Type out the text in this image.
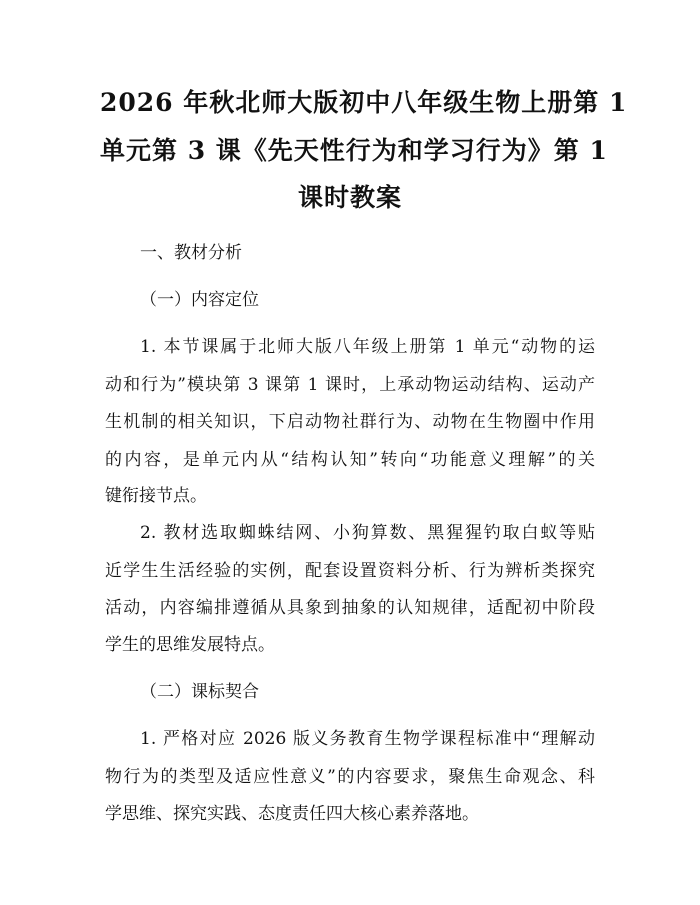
2026 年秋北师大版初中八年级生物上册第 1
单元第 3 课《先天性行为和学习行为》第 1
课时教案
一、教材分析
（一）内容定位
1. 本节课属于北师大版八年级上册第 1 单元“动物的运
动和行为”模块第 3 课第 1 课时，上承动物运动结构、运动产
生机制的相关知识，下启动物社群行为、动物在生物圈中作用
的内容，是单元内从“结构认知”转向“功能意义理解”的关
键衔接节点。
2. 教材选取蜘蛛结网、小狗算数、黑猩猩钓取白蚁等贴
近学生生活经验的实例，配套设置资料分析、行为辨析类探究
活动，内容编排遵循从具象到抽象的认知规律，适配初中阶段
学生的思维发展特点。
（二）课标契合
1. 严格对应 2026 版义务教育生物学课程标准中“理解动
物行为的类型及适应性意义”的内容要求，聚焦生命观念、科
学思维、探究实践、态度责任四大核心素养落地。
